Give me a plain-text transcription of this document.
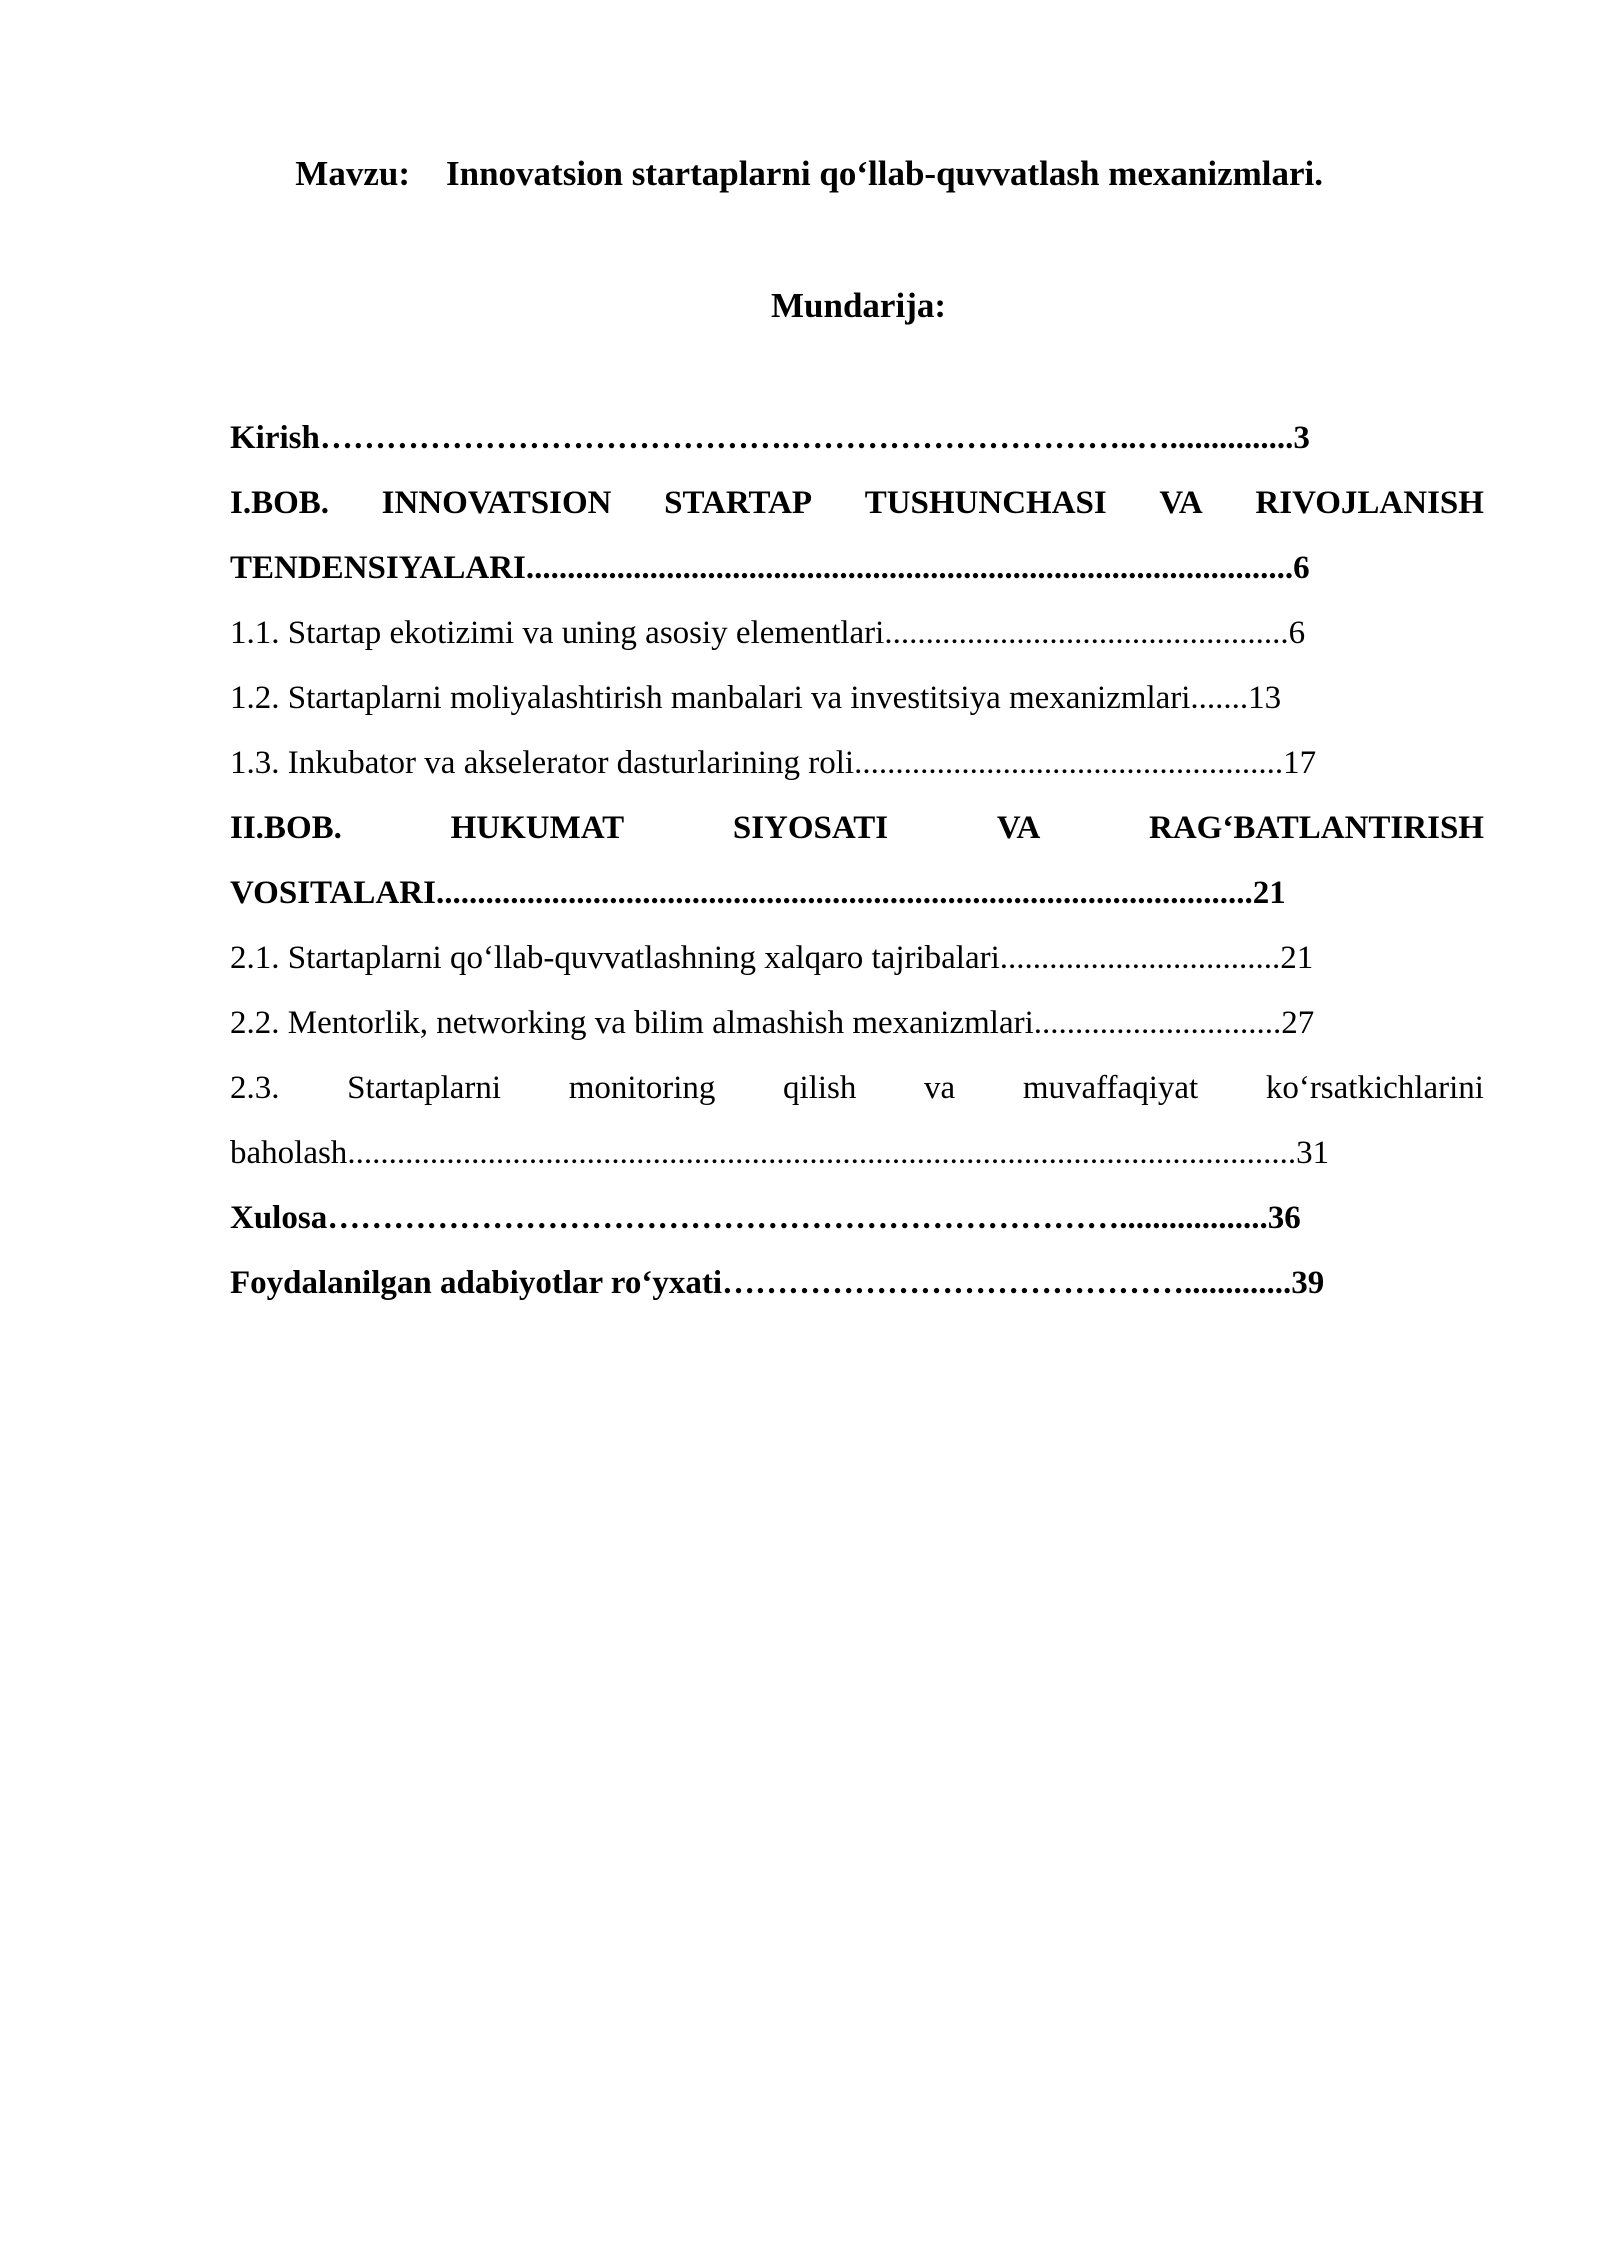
Mavzu: Innovatsion startaplarni qo‘llab-quvvatlash mexanizmlari.
Mundarija:
Kirish …………………………………….…………………………..…............... 3
I.BOB. INNOVATSION STARTAP TUSHUNCHASI VA RIVOJLANISH
TENDENSIYALARI ............................................................................................. 6
1.1. Startap ekotizimi va uning asosiy elementlari ................................................. 6
1.2. Startaplarni moliyalashtirish manbalari va investitsiya mexanizmlari ....... 13
1.3. Inkubator va akselerator dasturlarining roli .................................................... 17
II.BOB.	HUKUMAT	SIYOSATI	VA	RAG‘BATLANTIRISH
VOSITALARI ................................................................................................... 21
2.1. Startaplarni qo‘llab-quvvatlashning xalqaro tajribalari .................................. 21
2.2. Mentorlik, networking va bilim almashish mexanizmlari .............................. 27
2.3. Startaplarni monitoring qilish va muvaffaqiyat ko‘rsatkichlarini
baholash ................................................................................................................... 31
Xulosa ……………………………………………………………….................. 36
Foydalanilgan adabiyotlar ro‘yxati ……………………………………............. 39
